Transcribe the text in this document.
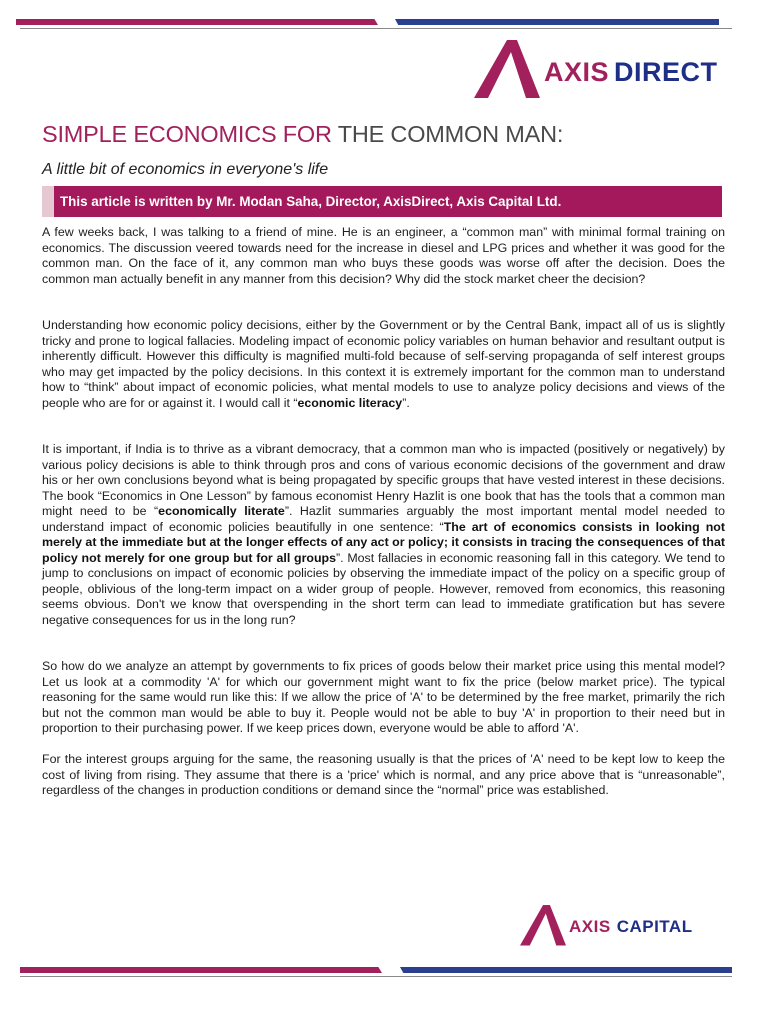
AXIS DIRECT
SIMPLE ECONOMICS FOR THE COMMON MAN:
A little bit of economics in everyone's life
This article is written by Mr. Modan Saha, Director, AxisDirect, Axis Capital Ltd.

A few weeks back, I was talking to a friend of mine. He is an engineer, a “common man” with minimal formal training on economics. The discussion veered towards need for the increase in diesel and LPG prices and whether it was good for the common man. On the face of it, any common man who buys these goods was worse off after the decision. Does the common man actually benefit in any manner from this decision? Why did the stock market cheer the decision?

Understanding how economic policy decisions, either by the Government or by the Central Bank, impact all of us is slightly tricky and prone to logical fallacies. Modeling impact of economic policy variables on human behavior and resultant output is inherently difficult. However this difficulty is magnified multi-fold because of self-serving propaganda of self interest groups who may get impacted by the policy decisions. In this context it is extremely important for the common man to understand how to “think” about impact of economic policies, what mental models to use to analyze policy decisions and views of the people who are for or against it. I would call it “economic literacy”.

It is important, if India is to thrive as a vibrant democracy, that a common man who is impacted (positively or negatively) by various policy decisions is able to think through pros and cons of various economic decisions of the government and draw his or her own conclusions beyond what is being propagated by specific groups that have vested interest in these decisions. The book “Economics in One Lesson” by famous economist Henry Hazlit is one book that has the tools that a common man might need to be “economically literate”. Hazlit summaries arguably the most important mental model needed to understand impact of economic policies beautifully in one sentence: “The art of economics consists in looking not merely at the immediate but at the longer effects of any act or policy; it consists in tracing the consequences of that policy not merely for one group but for all groups”. Most fallacies in economic reasoning fall in this category. We tend to jump to conclusions on impact of economic policies by observing the immediate impact of the policy on a specific group of people, oblivious of the long-term impact on a wider group of people. However, removed from economics, this reasoning seems obvious. Don't we know that overspending in the short term can lead to immediate gratification but has severe negative consequences for us in the long run?

So how do we analyze an attempt by governments to fix prices of goods below their market price using this mental model? Let us look at a commodity 'A' for which our government might want to fix the price (below market price). The typical reasoning for the same would run like this: If we allow the price of 'A' to be determined by the free market, primarily the rich but not the common man would be able to buy it. People would not be able to buy 'A' in proportion to their need but in proportion to their purchasing power. If we keep prices down, everyone would be able to afford 'A'.

For the interest groups arguing for the same, the reasoning usually is that the prices of 'A' need to be kept low to keep the cost of living from rising. They assume that there is a 'price' which is normal, and any price above that is “unreasonable”, regardless of the changes in production conditions or demand since the “normal” price was established.

AXIS CAPITAL
